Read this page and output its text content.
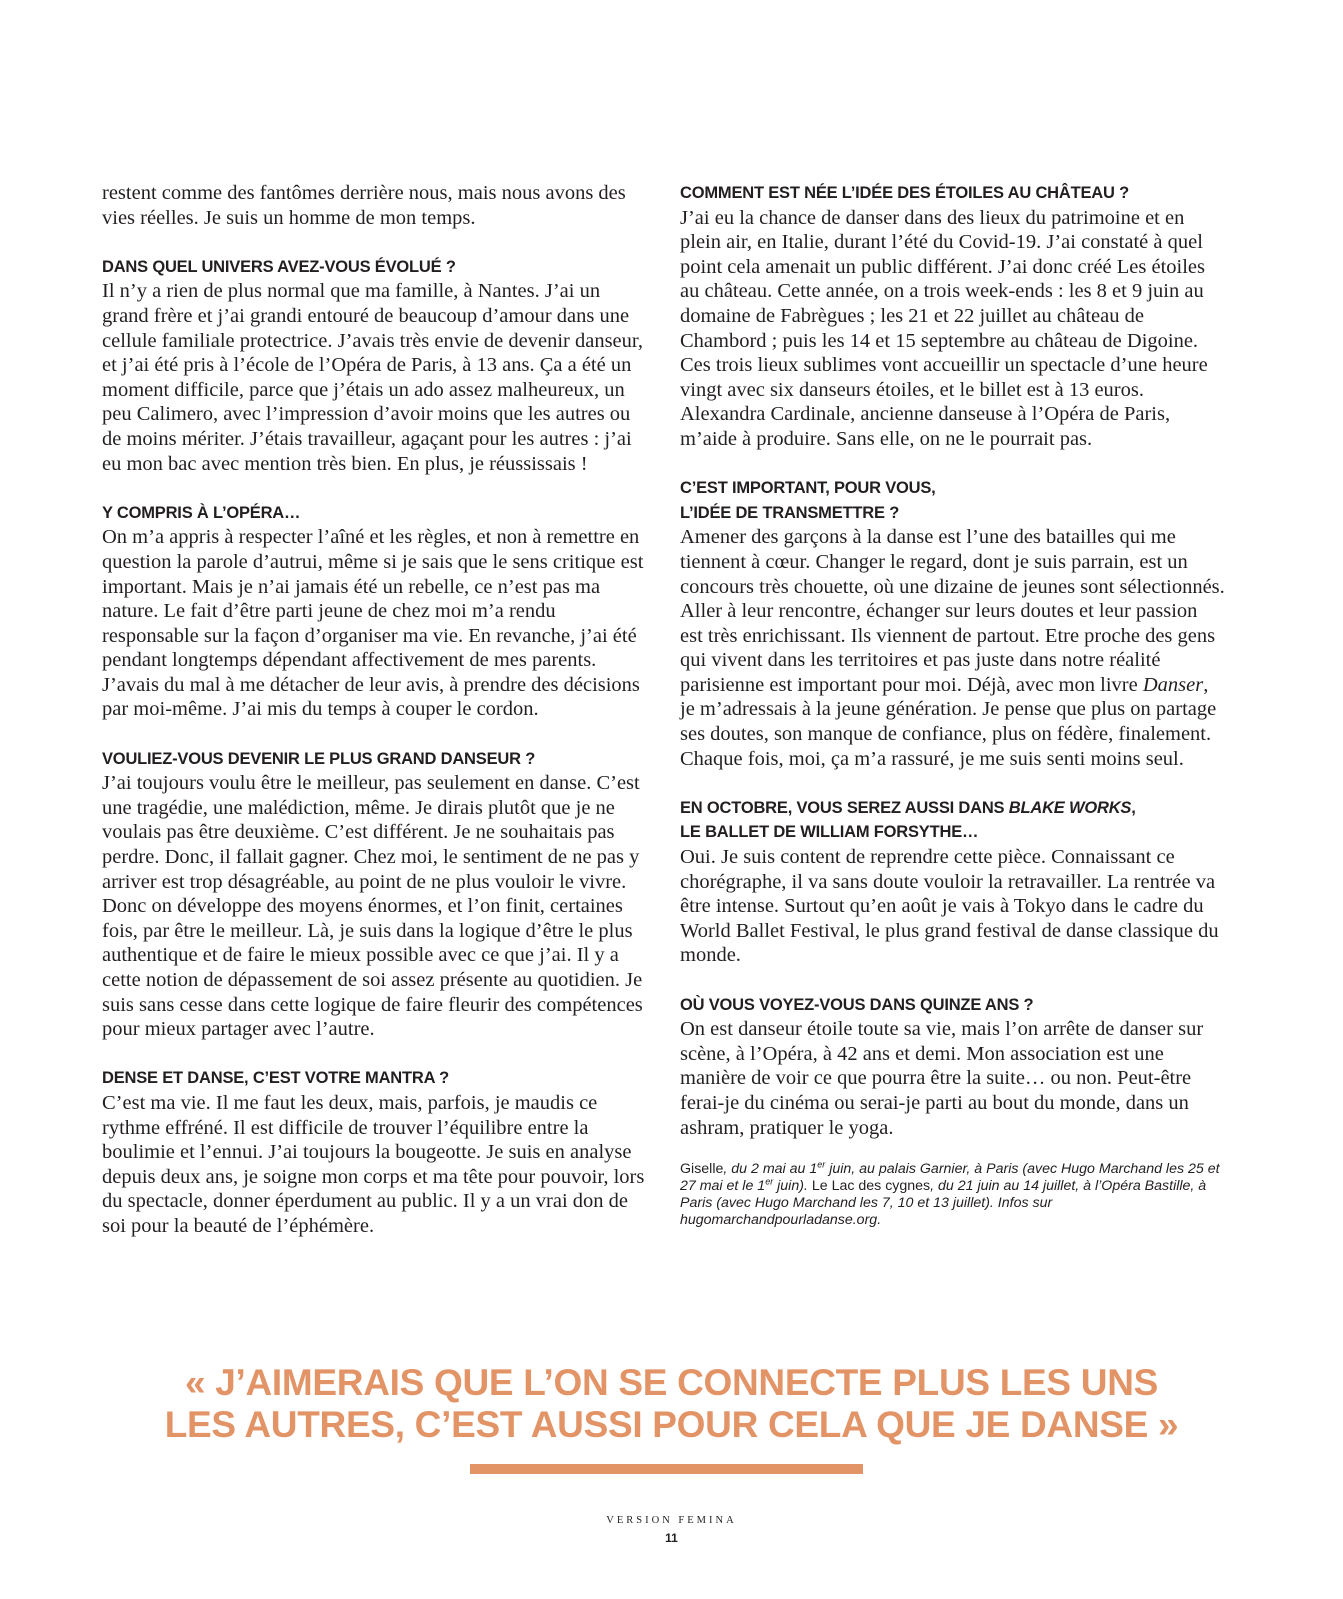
restent comme des fantômes derrière nous, mais nous avons des vies réelles. Je suis un homme de mon temps.

DANS QUEL UNIVERS AVEZ-VOUS ÉVOLUÉ ?

Il n’y a rien de plus normal que ma famille, à Nantes. J’ai un grand frère et j’ai grandi entouré de beaucoup d’amour dans une cellule familiale protectrice. J’avais très envie de devenir danseur, et j’ai été pris à l’école de l’Opéra de Paris, à 13 ans. Ça a été un moment difficile, parce que j’étais un ado assez malheureux, un peu Calimero, avec l’impression d’avoir moins que les autres ou de moins mériter. J’étais travailleur, agaçant pour les autres : j’ai eu mon bac avec mention très bien. En plus, je réussissais !

Y COMPRIS À L’OPÉRA…

On m’a appris à respecter l’aîné et les règles, et non à remettre en question la parole d’autrui, même si je sais que le sens critique est important. Mais je n’ai jamais été un rebelle, ce n’est pas ma nature. Le fait d’être parti jeune de chez moi m’a rendu responsable sur la façon d’organiser ma vie. En revanche, j’ai été pendant longtemps dépendant affectivement de mes parents. J’avais du mal à me détacher de leur avis, à prendre des décisions par moi-même. J’ai mis du temps à couper le cordon.

VOULIEZ-VOUS DEVENIR LE PLUS GRAND DANSEUR ?

J’ai toujours voulu être le meilleur, pas seulement en danse. C’est une tragédie, une malédiction, même. Je dirais plutôt que je ne voulais pas être deuxième. C’est différent. Je ne souhaitais pas perdre. Donc, il fallait gagner. Chez moi, le sentiment de ne pas y arriver est trop désagréable, au point de ne plus vouloir le vivre. Donc on développe des moyens énormes, et l’on finit, certaines fois, par être le meilleur. Là, je suis dans la logique d’être le plus authentique et de faire le mieux possible avec ce que j’ai. Il y a cette notion de dépassement de soi assez présente au quotidien. Je suis sans cesse dans cette logique de faire fleurir des compétences pour mieux partager avec l’autre.

DENSE ET DANSE, C’EST VOTRE MANTRA ?

C’est ma vie. Il me faut les deux, mais, parfois, je maudis ce rythme effréné. Il est difficile de trouver l’équilibre entre la boulimie et l’ennui. J’ai toujours la bougeotte. Je suis en analyse depuis deux ans, je soigne mon corps et ma tête pour pouvoir, lors du spectacle, donner éperdument au public. Il y a un vrai don de soi pour la beauté de l’éphémère.

COMMENT EST NÉE L’IDÉE DES ÉTOILES AU CHÂTEAU ?

J’ai eu la chance de danser dans des lieux du patrimoine et en plein air, en Italie, durant l’été du Covid-19. J’ai constaté à quel point cela amenait un public différent. J’ai donc créé Les étoiles au château. Cette année, on a trois week-ends : les 8 et 9 juin au domaine de Fabrègues ; les 21 et 22 juillet au château de Chambord ; puis les 14 et 15 septembre au château de Digoine. Ces trois lieux sublimes vont accueillir un spectacle d’une heure vingt avec six danseurs étoiles, et le billet est à 13 euros. Alexandra Cardinale, ancienne danseuse à l’Opéra de Paris, m’aide à produire. Sans elle, on ne le pourrait pas.

C’EST IMPORTANT, POUR VOUS,
L’IDÉE DE TRANSMETTRE ?

Amener des garçons à la danse est l’une des batailles qui me tiennent à cœur. Changer le regard, dont je suis parrain, est un concours très chouette, où une dizaine de jeunes sont sélectionnés. Aller à leur rencontre, échanger sur leurs doutes et leur passion est très enrichissant. Ils viennent de partout. Etre proche des gens qui vivent dans les territoires et pas juste dans notre réalité parisienne est important pour moi. Déjà, avec mon livre Danser, je m’adressais à la jeune génération. Je pense que plus on partage ses doutes, son manque de confiance, plus on fédère, finalement. Chaque fois, moi, ça m’a rassuré, je me suis senti moins seul.

EN OCTOBRE, VOUS SEREZ AUSSI DANS BLAKE WORKS,
LE BALLET DE WILLIAM FORSYTHE…

Oui. Je suis content de reprendre cette pièce. Connaissant ce chorégraphe, il va sans doute vouloir la retravailler. La rentrée va être intense. Surtout qu’en août je vais à Tokyo dans le cadre du World Ballet Festival, le plus grand festival de danse classique du monde.

OÙ VOUS VOYEZ-VOUS DANS QUINZE ANS ?

On est danseur étoile toute sa vie, mais l’on arrête de danser sur scène, à l’Opéra, à 42 ans et demi. Mon association est une manière de voir ce que pourra être la suite… ou non. Peut-être ferai-je du cinéma ou serai-je parti au bout du monde, dans un ashram, pratiquer le yoga.

Giselle, du 2 mai au 1er juin, au palais Garnier, à Paris (avec Hugo Marchand les 25 et 27 mai et le 1er juin). Le Lac des cygnes, du 21 juin au 14 juillet, à l’Opéra Bastille, à Paris (avec Hugo Marchand les 7, 10 et 13 juillet). Infos sur hugomarchandpourladanse.org.
« J’AIMERAIS QUE L’ON SE CONNECTE PLUS LES UNS
LES AUTRES, C’EST AUSSI POUR CELA QUE JE DANSE »
VERSION FEMINA
11
